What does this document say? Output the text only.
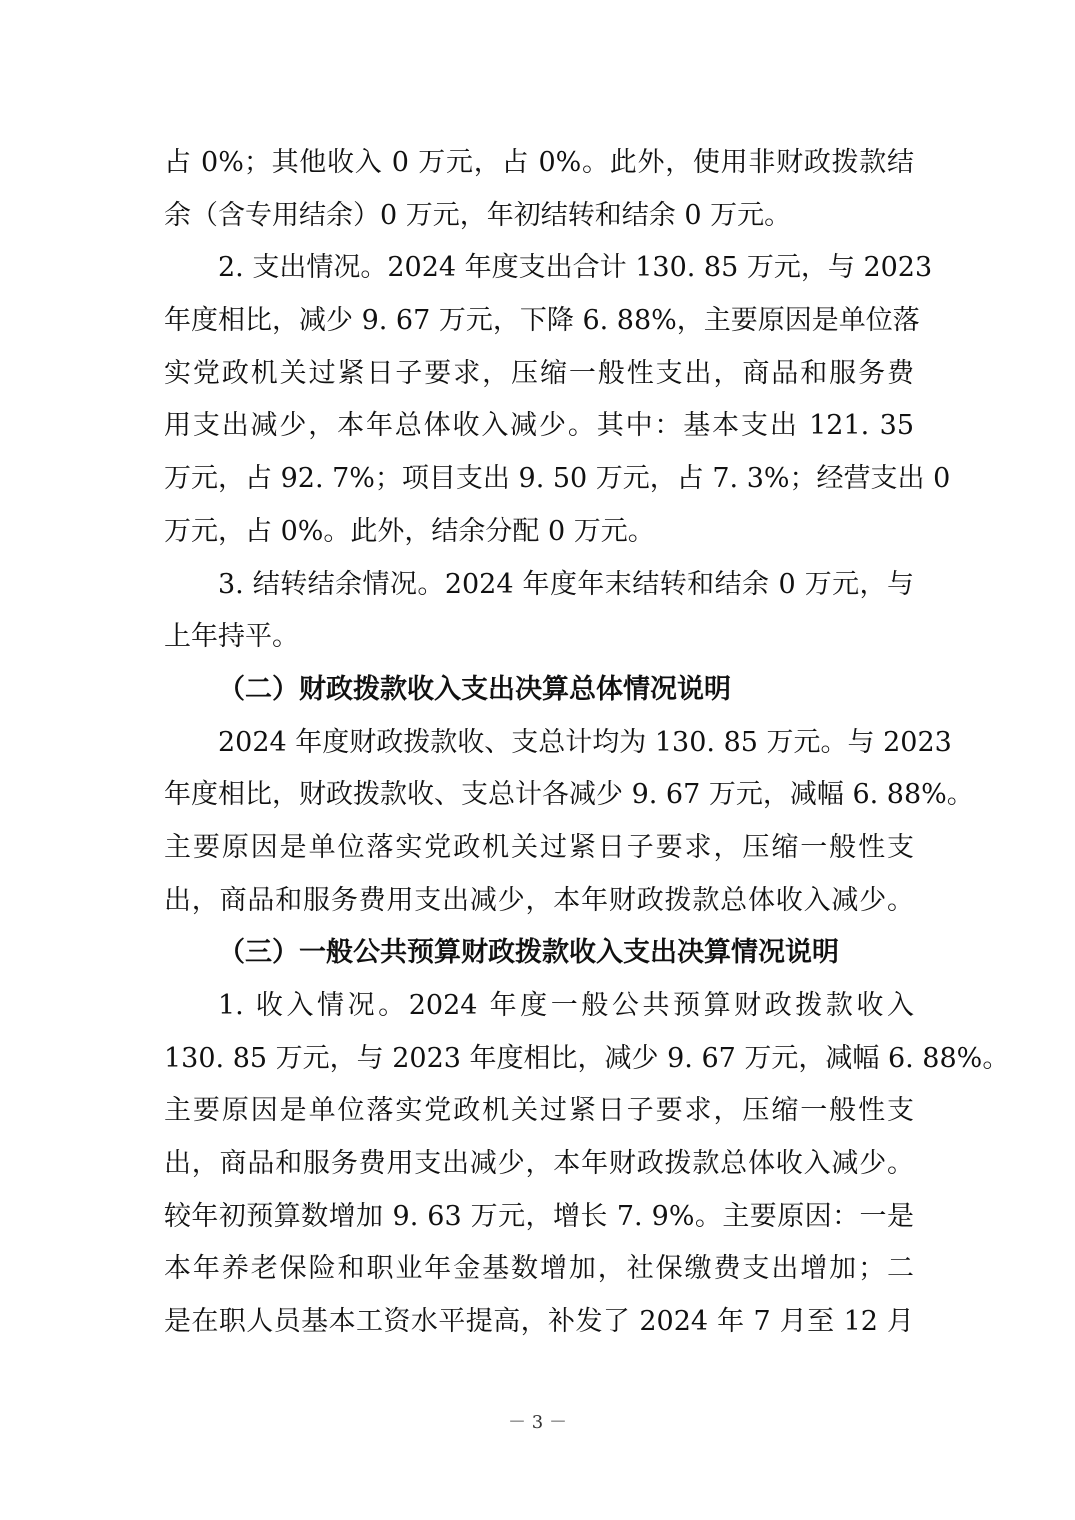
占 0%；其他收入 0 万元，占 0%。此外，使用非财政拨款结
余（含专用结余）0 万元，年初结转和结余 0 万元。
2. 支出情况。2024 年度支出合计 130. 85 万元，与 2023
年度相比，减少 9. 67 万元，下降 6. 88%，主要原因是单位落
实党政机关过紧日子要求，压缩一般性支出，商品和服务费
用支出减少，本年总体收入减少。其中：基本支出 121. 35
万元，占 92. 7%；项目支出 9. 50 万元，占 7. 3%；经营支出 0
万元，占 0%。此外，结余分配 0 万元。
3. 结转结余情况。2024 年度年末结转和结余 0 万元，与
上年持平。
（二）财政拨款收入支出决算总体情况说明
2024 年度财政拨款收、支总计均为 130. 85 万元。与 2023
年度相比，财政拨款收、支总计各减少 9. 67 万元，减幅 6. 88%。
主要原因是单位落实党政机关过紧日子要求，压缩一般性支
出，商品和服务费用支出减少，本年财政拨款总体收入减少。
（三）一般公共预算财政拨款收入支出决算情况说明
1. 收入情况。2024 年度一般公共预算财政拨款收入
130. 85 万元，与 2023 年度相比，减少 9. 67 万元，减幅 6. 88%。
主要原因是单位落实党政机关过紧日子要求，压缩一般性支
出，商品和服务费用支出减少，本年财政拨款总体收入减少。
较年初预算数增加 9. 63 万元，增长 7. 9%。主要原因：一是
本年养老保险和职业年金基数增加，社保缴费支出增加；二
是在职人员基本工资水平提高，补发了 2024 年 7 月至 12 月
－ 3 －
